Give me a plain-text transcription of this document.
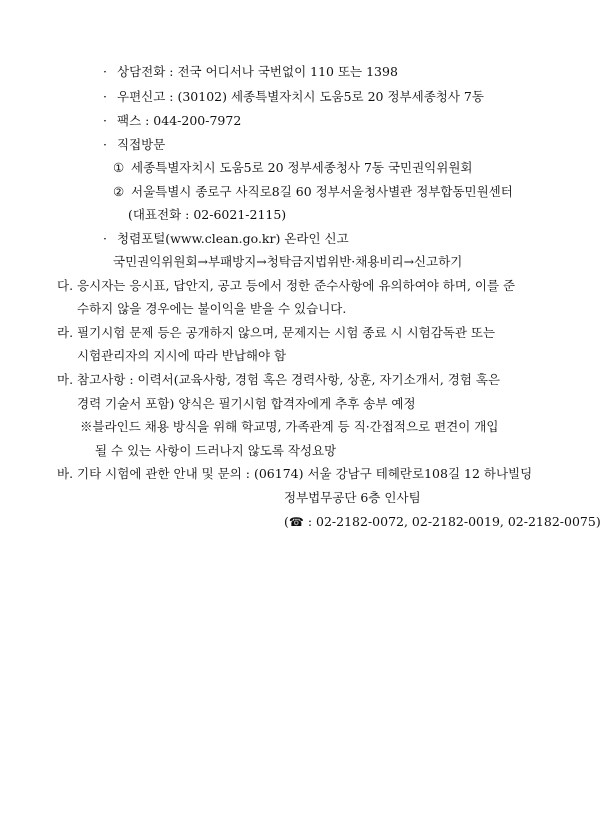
· 상담전화 : 전국 어디서나 국번없이 110 또는 1398
· 우편신고 : (30102) 세종특별자치시 도움5로 20 정부세종청사 7동
· 팩스 : 044-200-7972
· 직접방문
① 세종특별자치시 도움5로 20 정부세종청사 7동 국민권익위원회
② 서울특별시 종로구 사직로8길 60 정부서울청사별관 정부합동민원센터
(대표전화 : 02-6021-2115)
· 청렴포털(www.clean.go.kr) 온라인 신고
국민권익위원회→부패방지→청탁금지법위반·채용비리→신고하기
다. 응시자는 응시표, 답안지, 공고 등에서 정한 준수사항에 유의하여야 하며, 이를 준
수하지 않을 경우에는 불이익을 받을 수 있습니다.
라. 필기시험 문제 등은 공개하지 않으며, 문제지는 시험 종료 시 시험감독관 또는
시험관리자의 지시에 따라 반납해야 함
마. 참고사항 : 이력서(교육사항, 경험 혹은 경력사항, 상훈, 자기소개서, 경험 혹은
경력 기술서 포함) 양식은 필기시험 합격자에게 추후 송부 예정
※블라인드 채용 방식을 위해 학교명, 가족관계 등 직·간접적으로 편견이 개입
될 수 있는 사항이 드러나지 않도록 작성요망
바. 기타 시험에 관한 안내 및 문의 : (06174) 서울 강남구 테헤란로108길 12 하나빌딩
정부법무공단 6층 인사팀
(☎ : 02-2182-0072, 02-2182-0019, 02-2182-0075)
